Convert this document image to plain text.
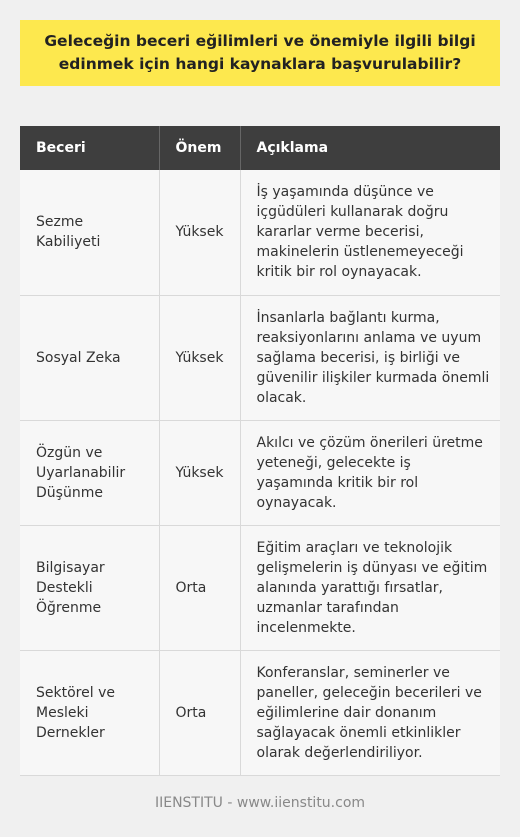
Geleceğin beceri eğilimleri ve önemiyle ilgili bilgi edinmek için hangi kaynaklara başvurulabilir?
Beceri	Önem	Açıklama
Sezme Kabiliyeti	Yüksek	İş yaşamında düşünce ve içgüdüleri kullanarak doğru kararlar verme becerisi, makinelerin üstlenemeyeceği kritik bir rol oynayacak.
Sosyal Zeka	Yüksek	İnsanlarla bağlantı kurma, reaksiyonlarını anlama ve uyum sağlama becerisi, iş birliği ve güvenilir ilişkiler kurmada önemli olacak.
Özgün ve Uyarlanabilir Düşünme	Yüksek	Akılcı ve çözüm önerileri üretme yeteneği, gelecekte iş yaşamında kritik bir rol oynayacak.
Bilgisayar Destekli Öğrenme	Orta	Eğitim araçları ve teknolojik gelişmelerin iş dünyası ve eğitim alanında yarattığı fırsatlar, uzmanlar tarafından incelenmekte.
Sektörel ve Mesleki Dernekler	Orta	Konferanslar, seminerler ve paneller, geleceğin becerileri ve eğilimlerine dair donanım sağlayacak önemli etkinlikler olarak değerlendiriliyor.
IIENSTITU - www.iienstitu.com
